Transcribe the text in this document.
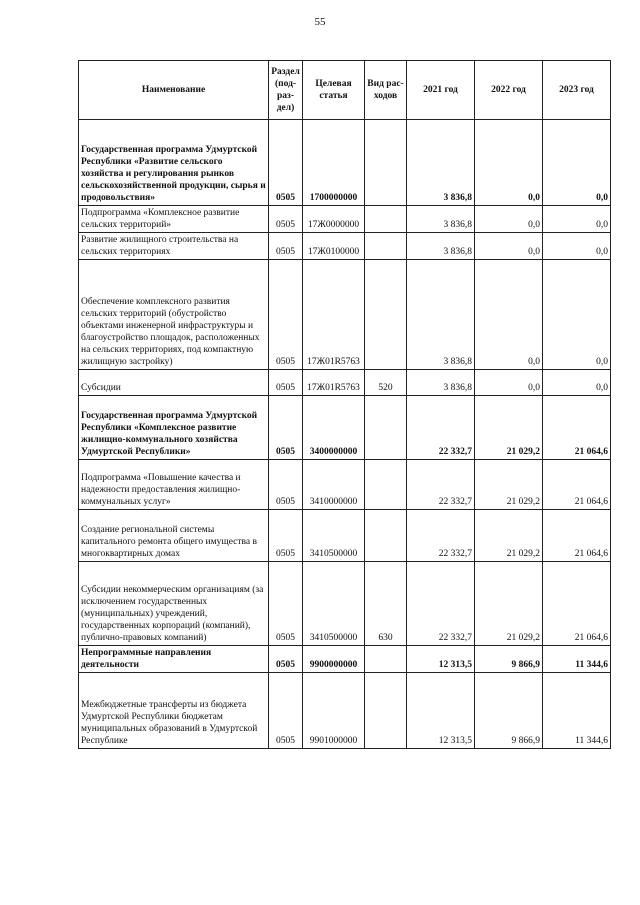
55
Наименование	Раздел (под-раз-дел)	Целевая статья	Вид рас-ходов	2021 год	2022 год	2023 год
Государственная программа Удмуртской Республики «Развитие сельского хозяйства и регулирования рынков сельскохозяйственной продукции, сырья и продовольствия»	0505	1700000000		3 836,8	0,0	0,0
Подпрограмма «Комплексное развитие сельских территорий»	0505	17Ж0000000		3 836,8	0,0	0,0
Развитие жилищного строительства на сельских территориях	0505	17Ж0100000		3 836,8	0,0	0,0
Обеспечение комплексного развития сельских территорий (обустройство объектами инженерной инфраструктуры и благоустройство площадок, расположенных на сельских территориях, под компактную жилищную застройку)	0505	17Ж01R5763		3 836,8	0,0	0,0
Субсидии	0505	17Ж01R5763	520	3 836,8	0,0	0,0
Государственная программа Удмуртской Республики «Комплексное развитие жилищно-коммунального хозяйства Удмуртской Республики»	0505	3400000000		22 332,7	21 029,2	21 064,6
Подпрограмма «Повышение качества и надежности предоставления жилищно-коммунальных услуг»	0505	3410000000		22 332,7	21 029,2	21 064,6
Создание региональной системы капитального ремонта общего имущества в многоквартирных домах	0505	3410500000		22 332,7	21 029,2	21 064,6
Субсидии некоммерческим организациям (за исключением государственных (муниципальных) учреждений, государственных корпораций (компаний), публично-правовых компаний)	0505	3410500000	630	22 332,7	21 029,2	21 064,6
Непрограммные направления деятельности	0505	9900000000		12 313,5	9 866,9	11 344,6
Межбюджетные трансферты из бюджета Удмуртской Республики бюджетам муниципальных образований в Удмуртской Республике	0505	9901000000		12 313,5	9 866,9	11 344,6
